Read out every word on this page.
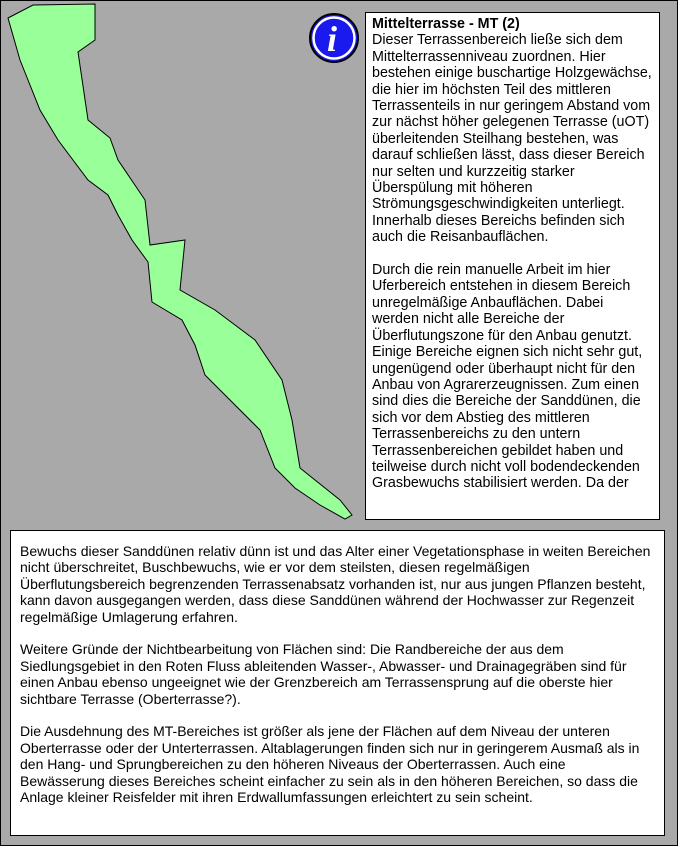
i Mittelterrasse - MT (2)

Dieser Terrassenbereich ließe sich dem Mittelterrassenniveau zuordnen. Hier bestehen einige buschartige Holzgewächse, die hier im höchsten Teil des mittleren Terrassenteils in nur geringem Abstand vom zur nächst höher gelegenen Terrasse (uOT) überleitenden Steilhang bestehen, was darauf schließen lässt, dass dieser Bereich nur selten und kurzzeitig starker Überspülung mit höheren Strömungsgeschwindigkeiten unterliegt. Innerhalb dieses Bereichs befinden sich auch die Reisanbauflächen.

Durch die rein manuelle Arbeit im hier Uferbereich entstehen in diesem Bereich unregelmäßige Anbauflächen. Dabei werden nicht alle Bereiche der Überflutungszone für den Anbau genutzt. Einige Bereiche eignen sich nicht sehr gut, ungenügend oder überhaupt nicht für den Anbau von Agrarerzeugnissen. Zum einen sind dies die Bereiche der Sanddünen, die sich vor dem Abstieg des mittleren Terrassenbereichs zu den untern Terrassenbereichen gebildet haben und teilweise durch nicht voll bodendeckenden Grasbewuchs stabilisiert werden. Da der

Bewuchs dieser Sanddünen relativ dünn ist und das Alter einer Vegetationsphase in weiten Bereichen nicht überschreitet, Buschbewuchs, wie er vor dem steilsten, diesen regelmäßigen Überflutungsbereich begrenzenden Terrassenabsatz vorhanden ist, nur aus jungen Pflanzen besteht, kann davon ausgegangen werden, dass diese Sanddünen während der Hochwasser zur Regenzeit regelmäßige Umlagerung erfahren.

Weitere Gründe der Nichtbearbeitung von Flächen sind: Die Randbereiche der aus dem Siedlungsgebiet in den Roten Fluss ableitenden Wasser-, Abwasser- und Drainagegräben sind für einen Anbau ebenso ungeeignet wie der Grenzbereich am Terrassensprung auf die oberste hier sichtbare Terrasse (Oberterrasse?).

Die Ausdehnung des MT-Bereiches ist größer als jene der Flächen auf dem Niveau der unteren Oberterrasse oder der Unterterrassen. Altablagerungen finden sich nur in geringerem Ausmaß als in den Hang- und Sprungbereichen zu den höheren Niveaus der Oberterrassen. Auch eine Bewässerung dieses Bereiches scheint einfacher zu sein als in den höheren Bereichen, so dass die Anlage kleiner Reisfelder mit ihren Erdwallumfassungen erleichtert zu sein scheint.
